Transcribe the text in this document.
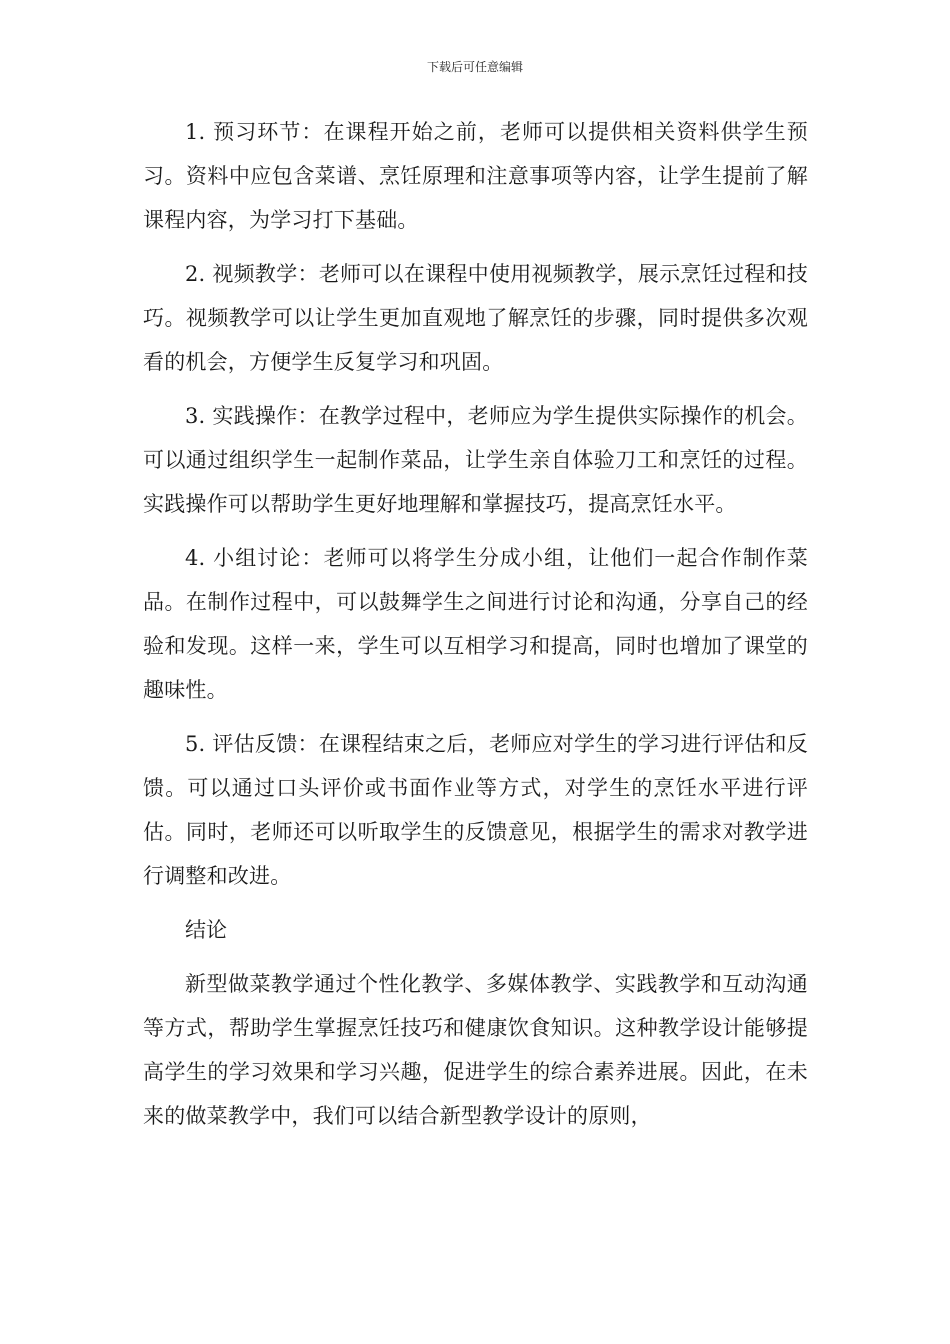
下载后可任意编辑

1. 预习环节：在课程开始之前，老师可以提供相关资料供学生预习。资料中应包含菜谱、烹饪原理和注意事项等内容，让学生提前了解课程内容，为学习打下基础。

2. 视频教学：老师可以在课程中使用视频教学，展示烹饪过程和技巧。视频教学可以让学生更加直观地了解烹饪的步骤，同时提供多次观看的机会，方便学生反复学习和巩固。

3. 实践操作：在教学过程中，老师应为学生提供实际操作的机会。可以通过组织学生一起制作菜品，让学生亲自体验刀工和烹饪的过程。实践操作可以帮助学生更好地理解和掌握技巧，提高烹饪水平。

4. 小组讨论：老师可以将学生分成小组，让他们一起合作制作菜品。在制作过程中，可以鼓舞学生之间进行讨论和沟通，分享自己的经验和发现。这样一来，学生可以互相学习和提高，同时也增加了课堂的趣味性。

5. 评估反馈：在课程结束之后，老师应对学生的学习进行评估和反馈。可以通过口头评价或书面作业等方式，对学生的烹饪水平进行评估。同时，老师还可以听取学生的反馈意见，根据学生的需求对教学进行调整和改进。

结论

新型做菜教学通过个性化教学、多媒体教学、实践教学和互动沟通等方式，帮助学生掌握烹饪技巧和健康饮食知识。这种教学设计能够提高学生的学习效果和学习兴趣，促进学生的综合素养进展。因此，在未来的做菜教学中，我们可以结合新型教学设计的原则，
